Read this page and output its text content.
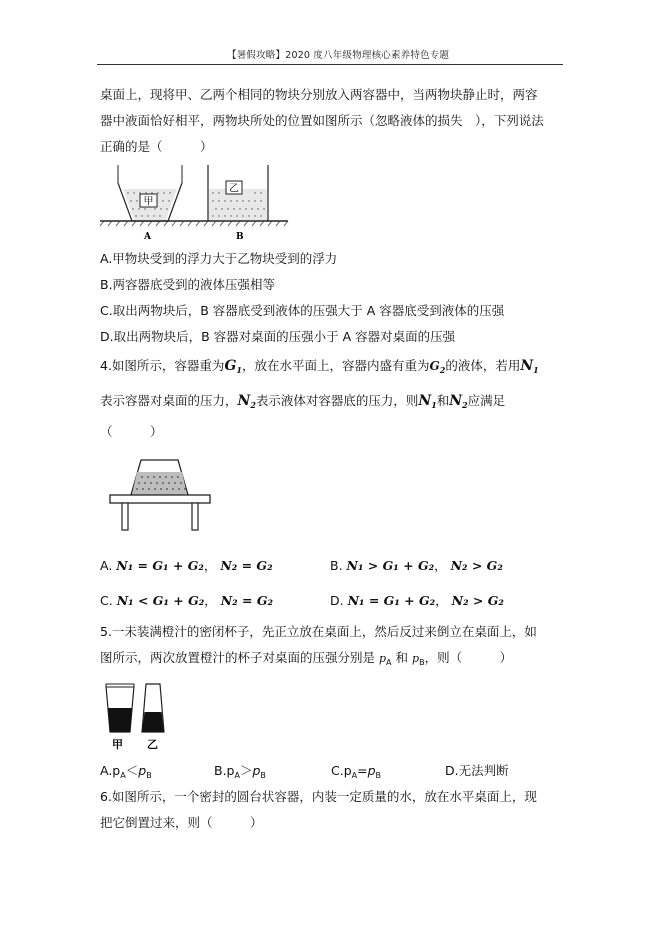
【暑假攻略】2020 度八年级物理核心素养特色专题
桌面上，现将甲、乙两个相同的物块分别放入两容器中，当两物块静止时，两容
器中液面恰好相平，两物块所处的位置如图所示（忽略液体的损失　），下列说法
正确的是（　　　）
甲
乙
A	B
A.甲物块受到的浮力大于乙物块受到的浮力
B.两容器底受到的液体压强相等
C.取出两物块后，B 容器底受到液体的压强大于 A 容器底受到液体的压强
D.取出两物块后，B 容器对桌面的压强小于 A 容器对桌面的压强
4.如图所示，容器重为$G_1$，放在水平面上，容器内盛有重为$G_2$的液体，若用$N_1$
表示容器对桌面的压力，$N_2$表示液体对容器底的压力，则$N_1$和$N_2$应满足
（　　　）
A. N₁ = G₁ + G₂， N₂ = G₂	B. N₁ > G₁ + G₂， N₂ > G₂
C. N₁ < G₁ + G₂， N₂ = G₂	D. N₁ = G₁ + G₂， N₂ > G₂
5.一未装满橙汁的密闭杯子，先正立放在桌面上，然后反过来倒立在桌面上，如
图所示，两次放置橙汁的杯子对桌面的压强分别是 $p_A$ 和 $p_B$，则（　　　）
甲 乙
$A.p_A<p_B$	$B.p_A>p_B$	$C.p_A=p_B$	D.无法判断
6.如图所示，一个密封的圆台状容器，内装一定质量的水，放在水平桌面上，现
把它倒置过来，则（　　　）
